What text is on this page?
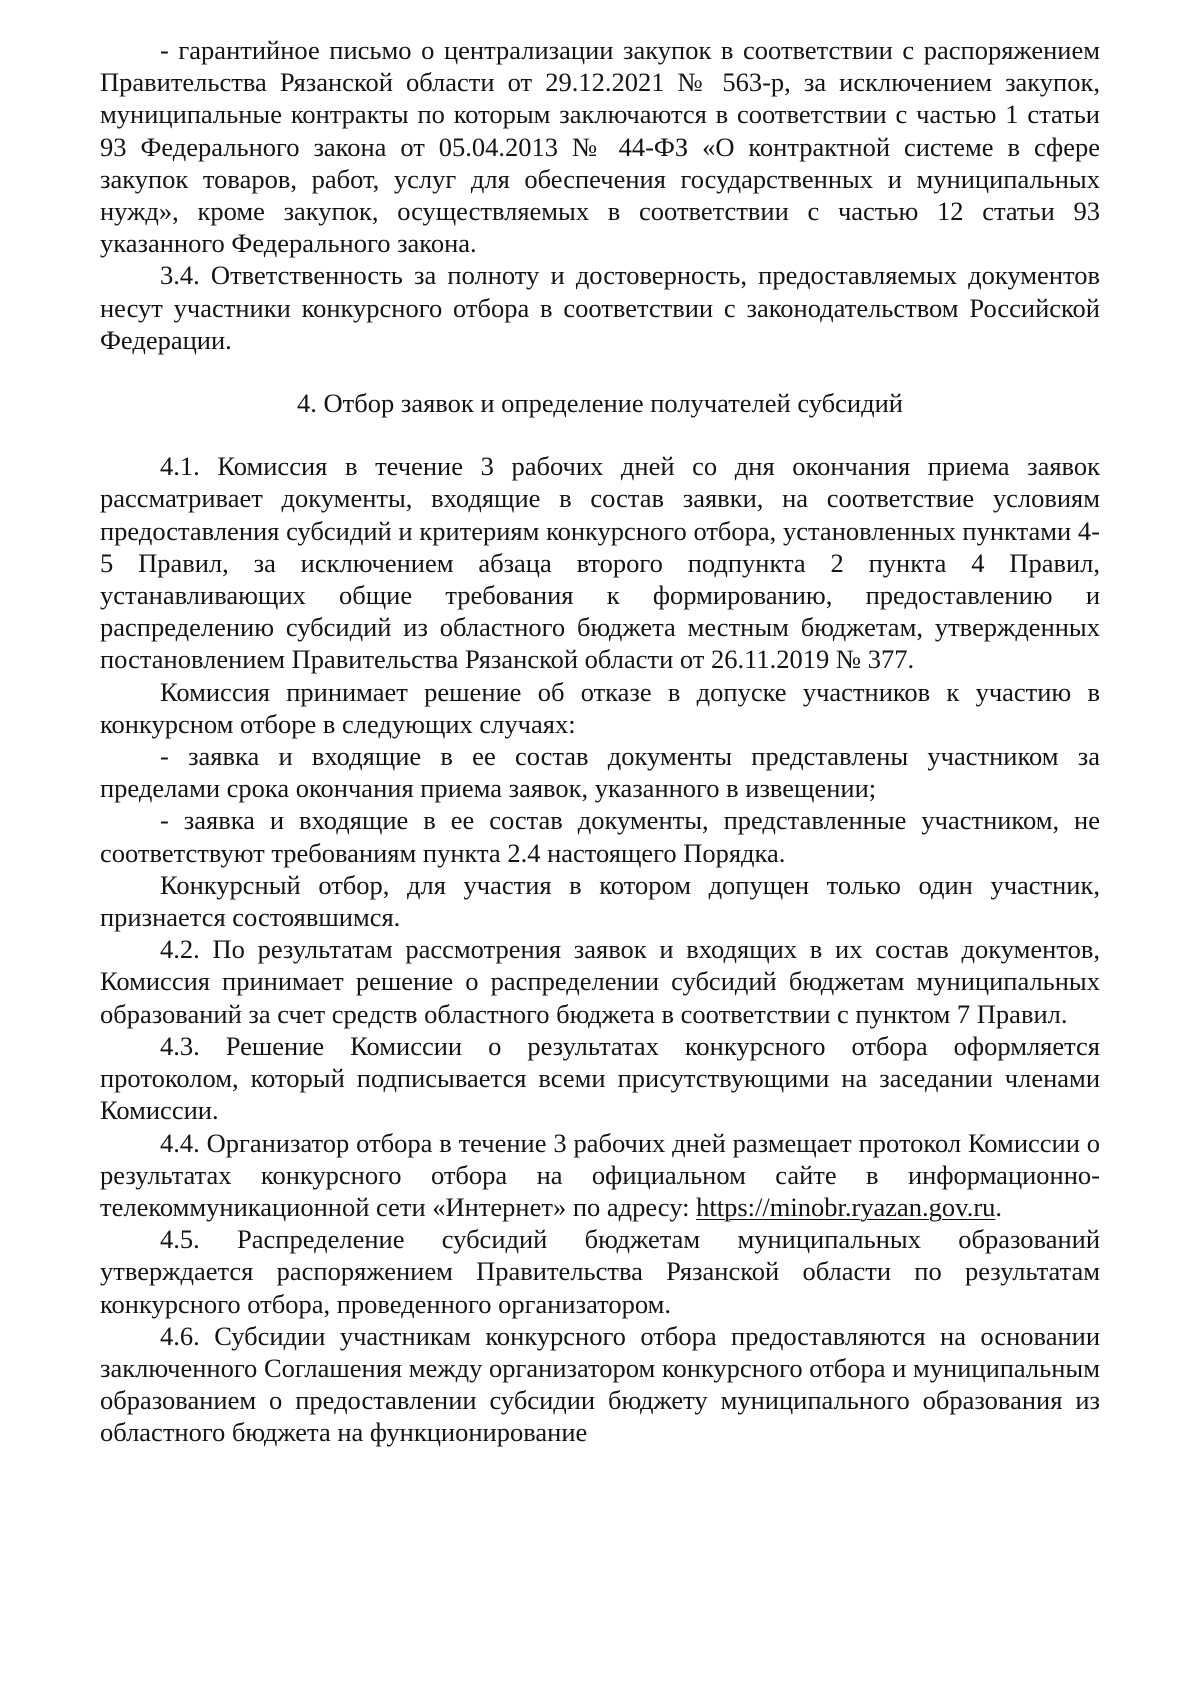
- гарантийное письмо о централизации закупок в соответствии с распоряжением Правительства Рязанской области от 29.12.2021 № 563-р, за исключением закупок, муниципальные контракты по которым заключаются в соответствии с частью 1 статьи 93 Федерального закона от 05.04.2013 № 44-ФЗ «О контрактной системе в сфере закупок товаров, работ, услуг для обеспечения государственных и муниципальных нужд», кроме закупок, осуществляемых в соответствии с частью 12 статьи 93 указанного Федерального закона.

3.4. Ответственность за полноту и достоверность, предоставляемых документов несут участники конкурсного отбора в соответствии с законодательством Российской Федерации.

4. Отбор заявок и определение получателей субсидий

4.1. Комиссия в течение 3 рабочих дней со дня окончания приема заявок рассматривает документы, входящие в состав заявки, на соответствие условиям предоставления субсидий и критериям конкурсного отбора, установленных пунктами 4-5 Правил, за исключением абзаца второго подпункта 2 пункта 4 Правил, устанавливающих общие требования к формированию, предоставлению и распределению субсидий из областного бюджета местным бюджетам, утвержденных постановлением Правительства Рязанской области от 26.11.2019 № 377.

Комиссия принимает решение об отказе в допуске участников к участию в конкурсном отборе в следующих случаях:

- заявка и входящие в ее состав документы представлены участником за пределами срока окончания приема заявок, указанного в извещении;

- заявка и входящие в ее состав документы, представленные участником, не соответствуют требованиям пункта 2.4 настоящего Порядка.

Конкурсный отбор, для участия в котором допущен только один участник, признается состоявшимся.

4.2. По результатам рассмотрения заявок и входящих в их состав документов, Комиссия принимает решение о распределении субсидий бюджетам муниципальных образований за счет средств областного бюджета в соответствии с пунктом 7 Правил.

4.3. Решение Комиссии о результатах конкурсного отбора оформляется протоколом, который подписывается всеми присутствующими на заседании членами Комиссии.

4.4. Организатор отбора в течение 3 рабочих дней размещает протокол Комиссии о результатах конкурсного отбора на официальном сайте в информационно-телекоммуникационной сети «Интернет» по адресу: https://minobr.ryazan.gov.ru.

4.5. Распределение субсидий бюджетам муниципальных образований утверждается распоряжением Правительства Рязанской области по результатам конкурсного отбора, проведенного организатором.

4.6. Субсидии участникам конкурсного отбора предоставляются на основании заключенного Соглашения между организатором конкурсного отбора и муниципальным образованием о предоставлении субсидии бюджету муниципального образования из областного бюджета на функционирование
